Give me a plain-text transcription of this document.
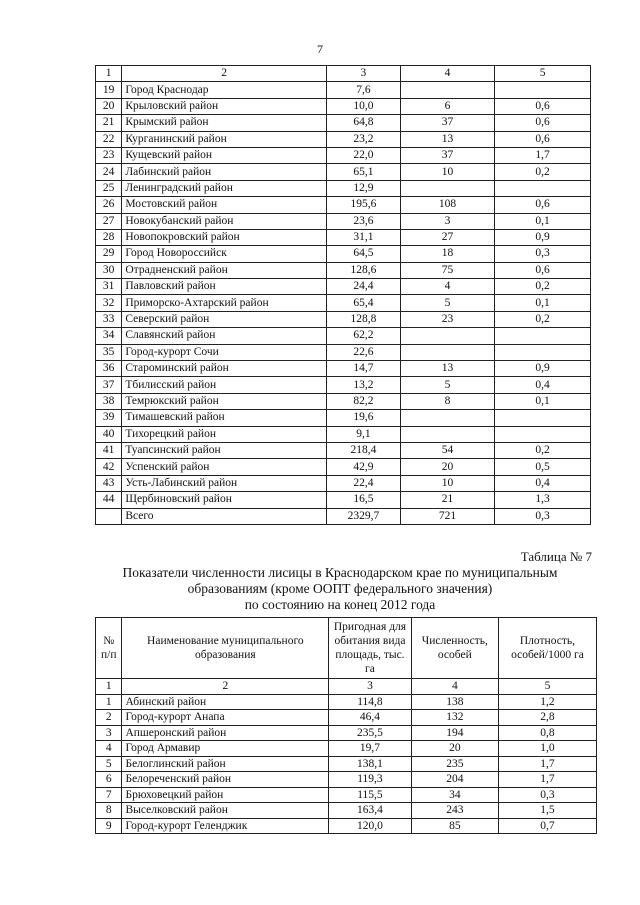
7
1	2	3	4	5
19	Город Краснодар	7,6		
20	Крыловский район	10,0	6	0,6
21	Крымский район	64,8	37	0,6
22	Курганинский район	23,2	13	0,6
23	Кущевский район	22,0	37	1,7
24	Лабинский район	65,1	10	0,2
25	Ленинградский район	12,9		
26	Мостовский район	195,6	108	0,6
27	Новокубанский район	23,6	3	0,1
28	Новопокровский район	31,1	27	0,9
29	Город Новороссийск	64,5	18	0,3
30	Отрадненский район	128,6	75	0,6
31	Павловский район	24,4	4	0,2
32	Приморско-Ахтарский район	65,4	5	0,1
33	Северский район	128,8	23	0,2
34	Славянский район	62,2		
35	Город-курорт Сочи	22,6		
36	Староминский район	14,7	13	0,9
37	Тбилисский район	13,2	5	0,4
38	Темрюкский район	82,2	8	0,1
39	Тимашевский район	19,6		
40	Тихорецкий район	9,1		
41	Туапсинский район	218,4	54	0,2
42	Успенский район	42,9	20	0,5
43	Усть-Лабинский район	22,4	10	0,4
44	Щербиновский район	16,5	21	1,3
	Всего	2329,7	721	0,3
Таблица № 7
Показатели численности лисицы в Краснодарском крае по муниципальным
образованиям (кроме ООПТ федерального значения)
по состоянию на конец 2012 года
№ п/п	Наименование муниципального образования	Пригодная для обитания вида площадь, тыс. га	Численность, особей	Плотность, особей/1000 га
1	2	3	4	5
1	Абинский район	114,8	138	1,2
2	Город-курорт Анапа	46,4	132	2,8
3	Апшеронский район	235,5	194	0,8
4	Город Армавир	19,7	20	1,0
5	Белоглинский район	138,1	235	1,7
6	Белореченский район	119,3	204	1,7
7	Брюховецкий район	115,5	34	0,3
8	Выселковский район	163,4	243	1,5
9	Город-курорт Геленджик	120,0	85	0,7
